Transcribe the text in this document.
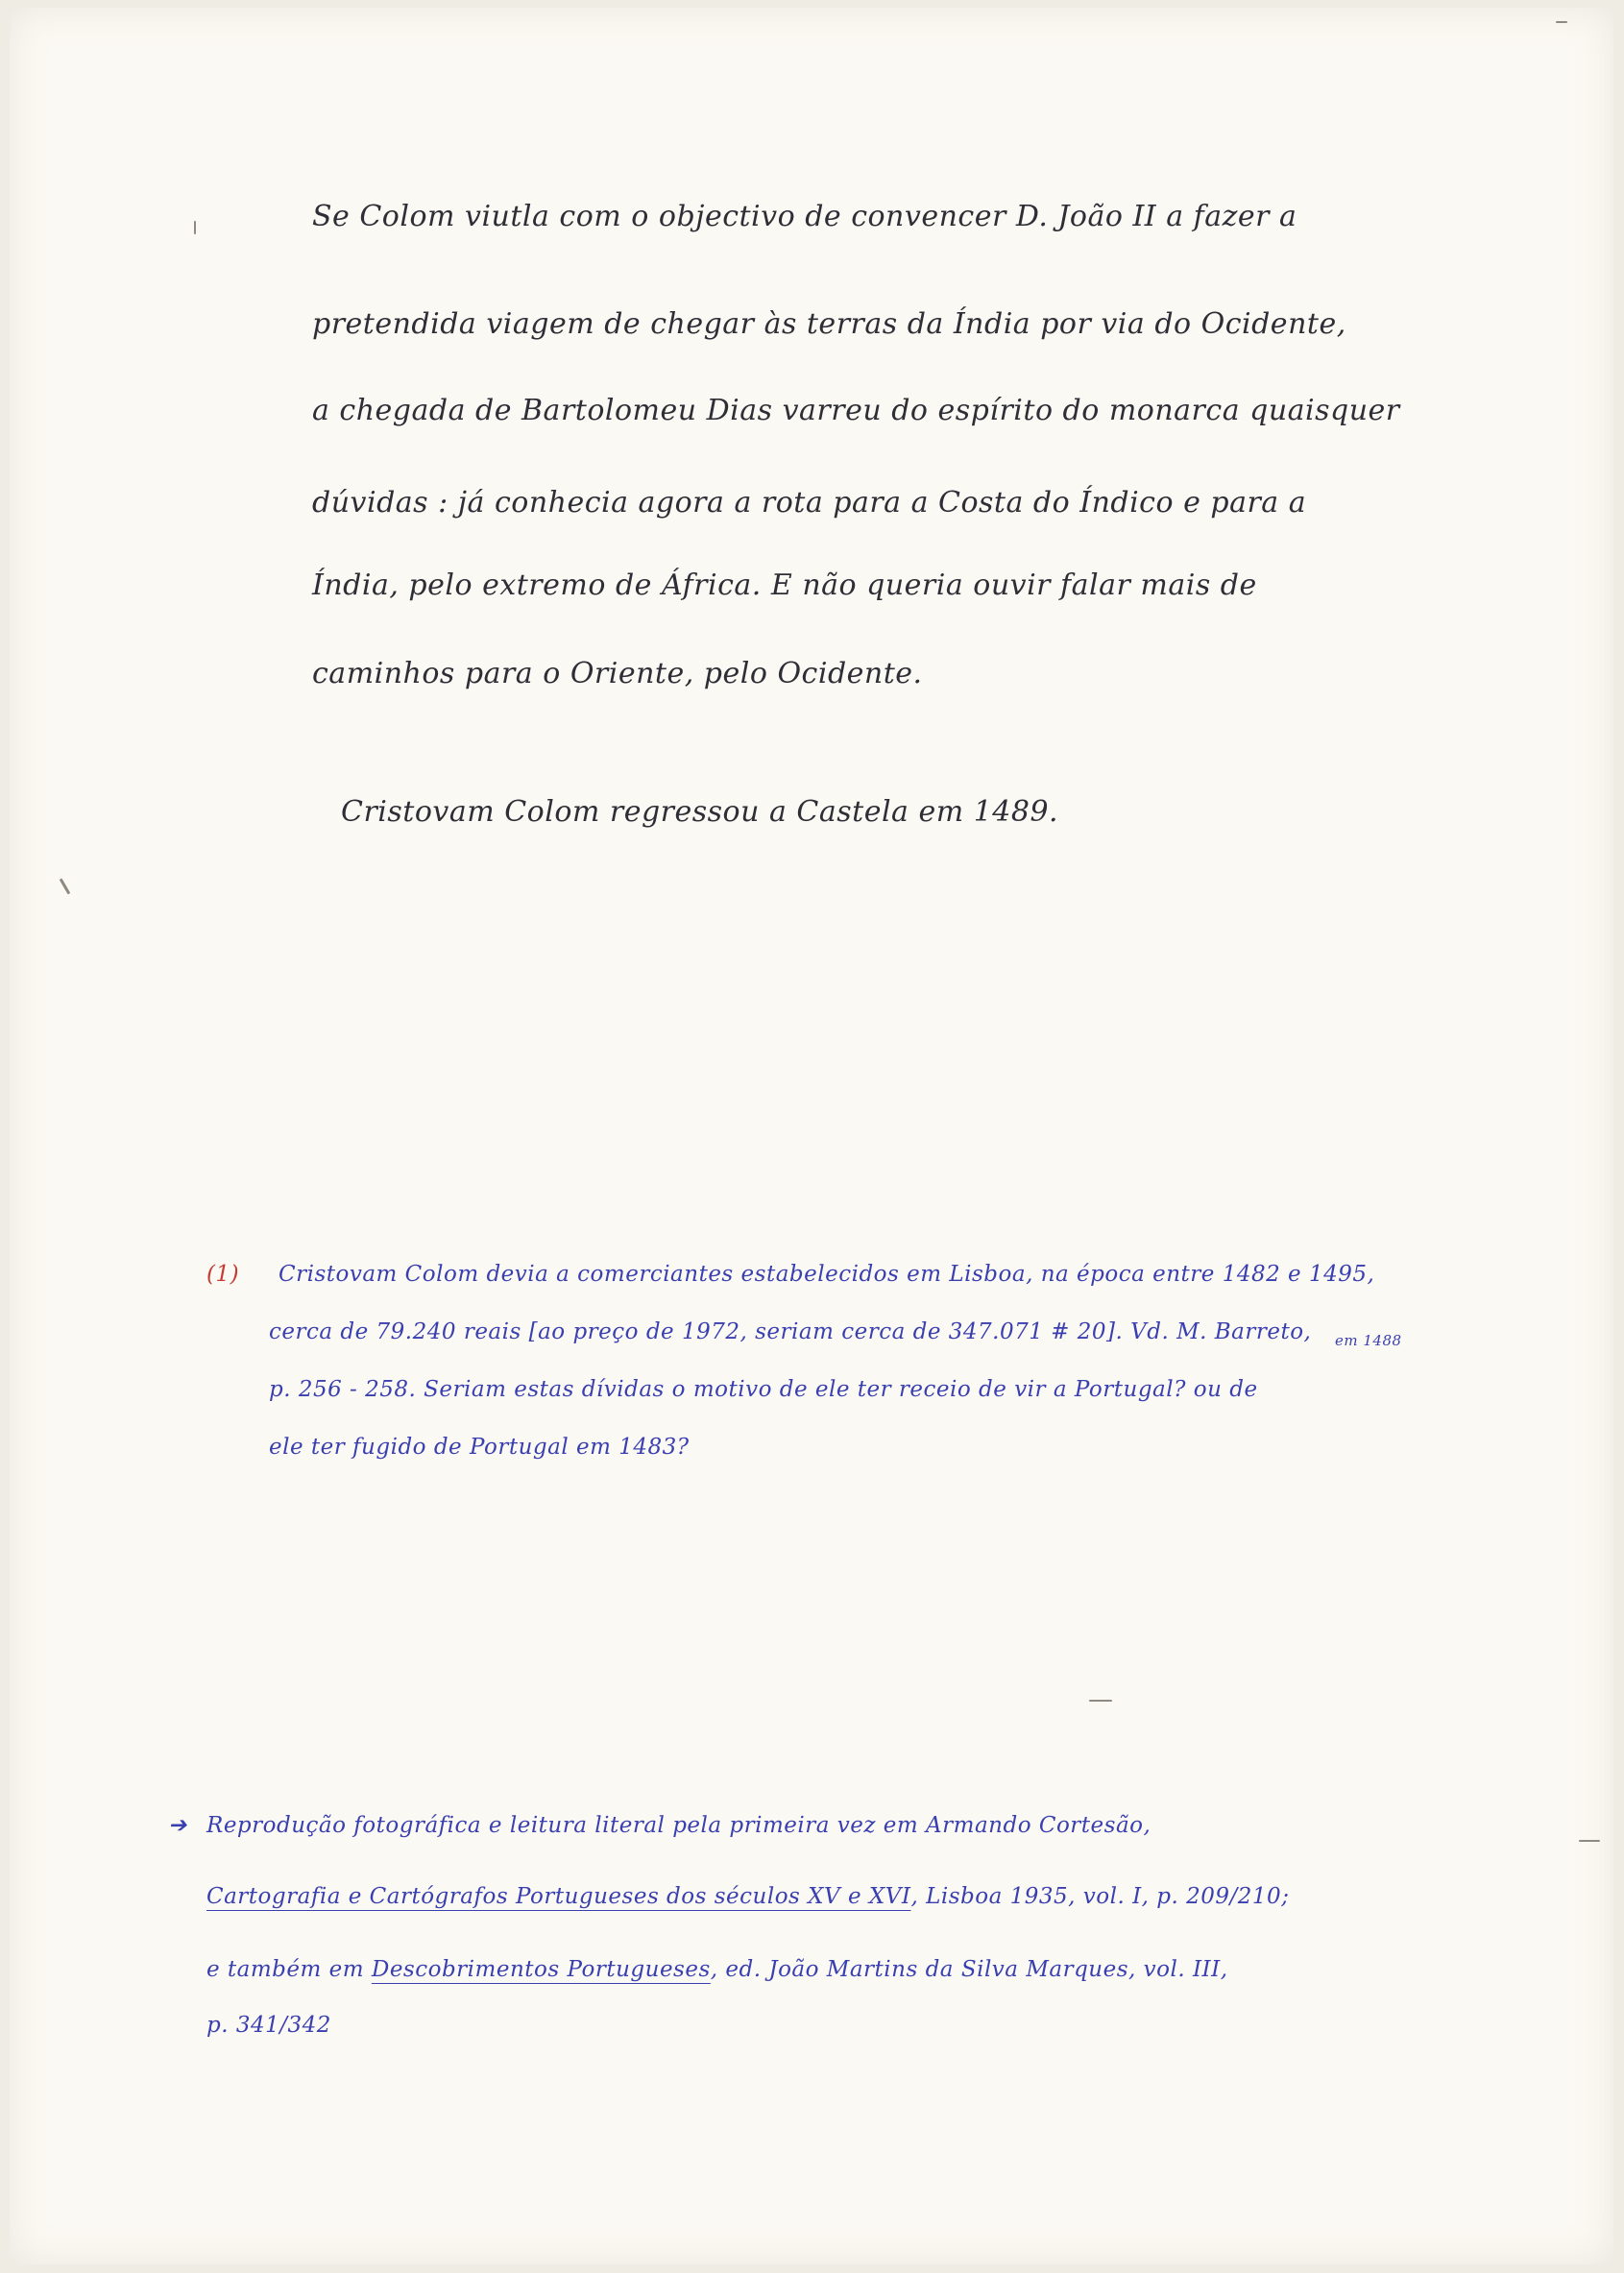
Se Colom viutla com o objectivo de convencer D. João II a fazer a
pretendida viagem de chegar às terras da Índia por via do Ocidente,
a chegada de Bartolomeu Dias varreu do espírito do monarca quaisquer
dúvidas : já conhecia agora a rota para a Costa do Índico e para a
Índia, pelo extremo de África. E não queria ouvir falar mais de
caminhos para o Oriente, pelo Ocidente.
Cristovam Colom regressou a Castela em 1489.
(1) Cristovam Colom devia a comerciantes estabelecidos em Lisboa, na época entre 1482 e 1495,
em 1488
cerca de 79.240 reais [ao preço de 1972, seriam cerca de 347.071 # 20]. Vd. M. Barreto,
p. 256 - 258. Seriam estas dívidas o motivo de ele ter receio de vir a Portugal? ou de
ele ter fugido de Portugal em 1483?
➔ Reprodução fotográfica e leitura literal pela primeira vez em Armando Cortesão,
Cartografia e Cartógrafos Portugueses dos séculos XV e XVI, Lisboa 1935, vol. I, p. 209/210;
e também em Descobrimentos Portugueses, ed. João Martins da Silva Marques, vol. III,
p. 341/342
